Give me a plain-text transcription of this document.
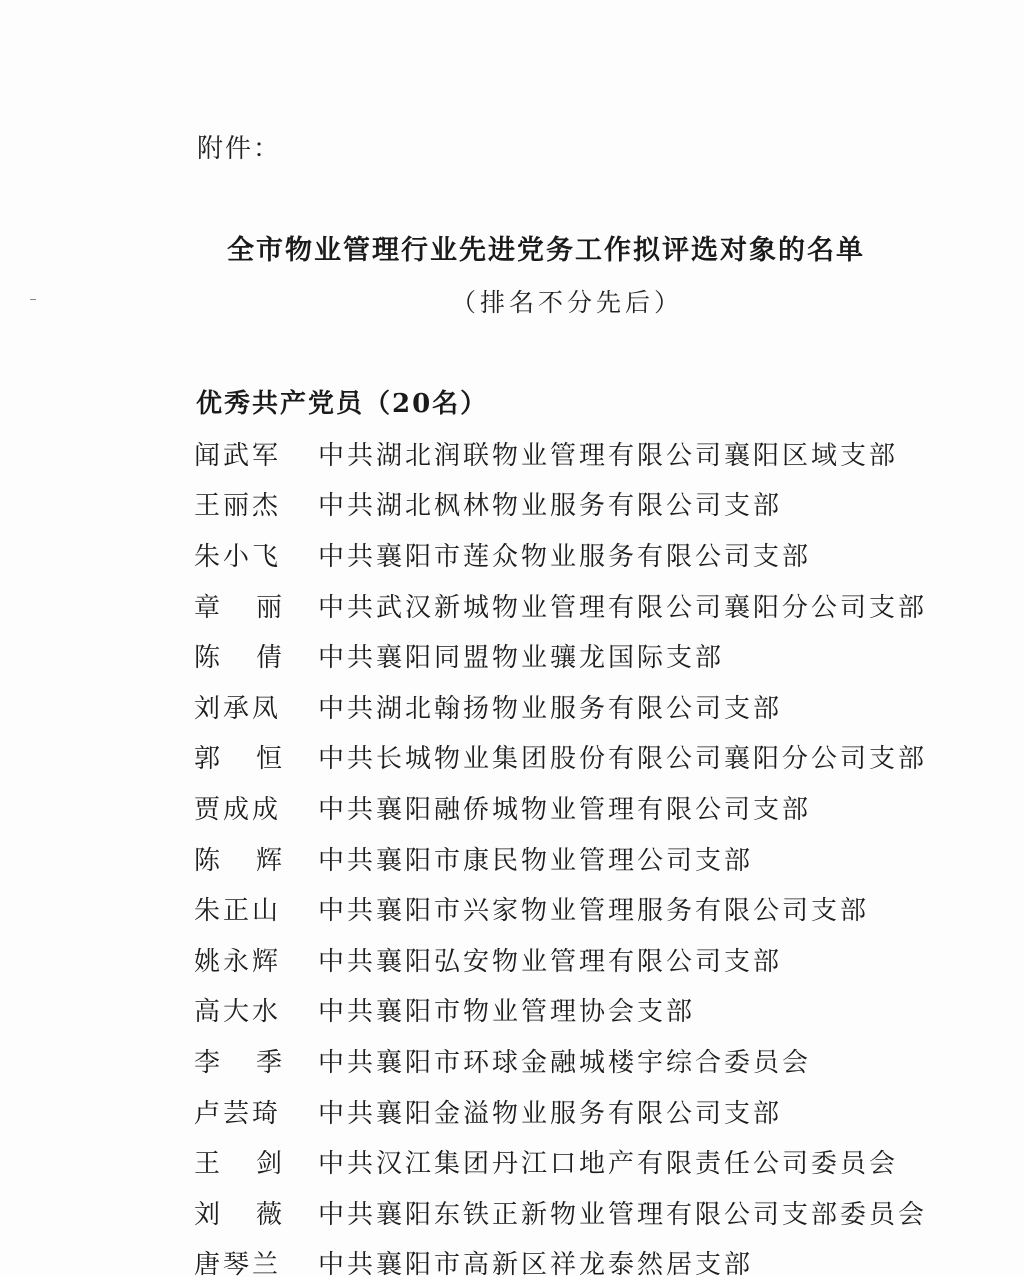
附件：
全市物业管理行业先进党务工作拟评选对象的名单
（排名不分先后）
优秀共产党员（20名）
闻武军	中共湖北润联物业管理有限公司襄阳区域支部
王丽杰	中共湖北枫林物业服务有限公司支部
朱小飞	中共襄阳市莲众物业服务有限公司支部
章丽 中共武汉新城物业管理有限公司襄阳分公司支部
陈倩 中共襄阳同盟物业骧龙国际支部
刘承凤	中共湖北翰扬物业服务有限公司支部
郭恒 中共长城物业集团股份有限公司襄阳分公司支部
贾成成	中共襄阳融侨城物业管理有限公司支部
陈辉 中共襄阳市康民物业管理公司支部
朱正山	中共襄阳市兴家物业管理服务有限公司支部
姚永辉	中共襄阳弘安物业管理有限公司支部
高大水	中共襄阳市物业管理协会支部
李季 中共襄阳市环球金融城楼宇综合委员会
卢芸琦	中共襄阳金溢物业服务有限公司支部
王剑 中共汉江集团丹江口地产有限责任公司委员会
刘薇 中共襄阳东铁正新物业管理有限公司支部委员会
唐琴兰	中共襄阳市高新区祥龙泰然居支部
